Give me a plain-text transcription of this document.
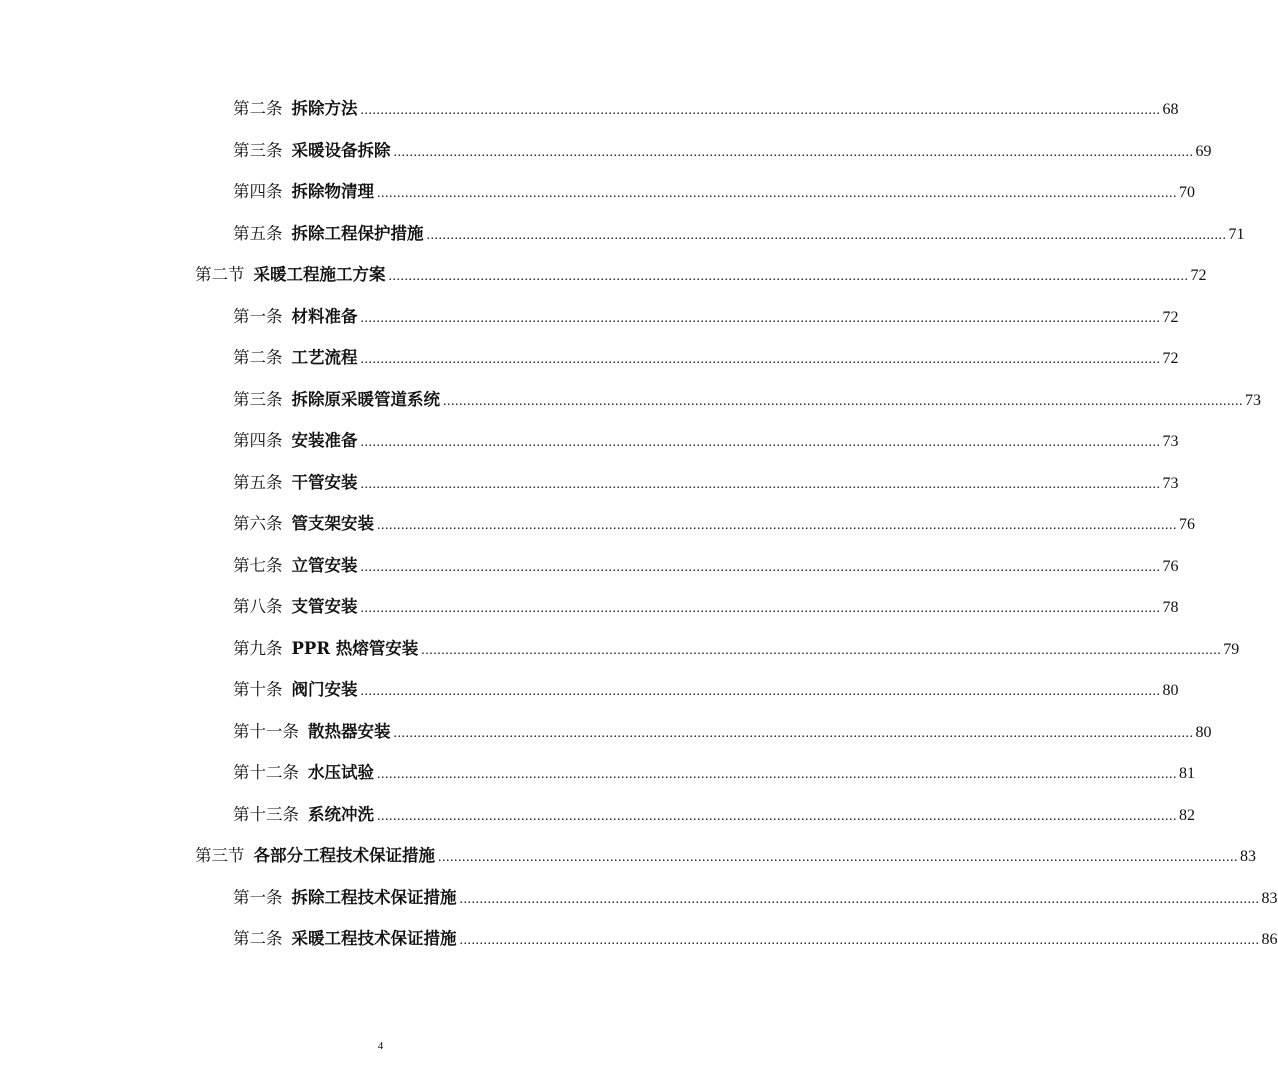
第二条 拆除方法 ........................................................................................................................................................................................................ 68
第三条 采暖设备拆除 ........................................................................................................................................................................................................ 69
第四条 拆除物清理 ........................................................................................................................................................................................................ 70
第五条 拆除工程保护措施 ........................................................................................................................................................................................................ 71
第二节 采暖工程施工方案 ........................................................................................................................................................................................................ 72
第一条 材料准备 ........................................................................................................................................................................................................ 72
第二条 工艺流程 ........................................................................................................................................................................................................ 72
第三条 拆除原采暖管道系统 ........................................................................................................................................................................................................ 73
第四条 安装准备 ........................................................................................................................................................................................................ 73
第五条 干管安装 ........................................................................................................................................................................................................ 73
第六条 管支架安装 ........................................................................................................................................................................................................ 76
第七条 立管安装 ........................................................................................................................................................................................................ 76
第八条 支管安装 ........................................................................................................................................................................................................ 78
第九条 PPR 热熔管安装 ........................................................................................................................................................................................................ 79
第十条 阀门安装 ........................................................................................................................................................................................................ 80
第十一条 散热器安装 ........................................................................................................................................................................................................ 80
第十二条 水压试验 ........................................................................................................................................................................................................ 81
第十三条 系统冲洗 ........................................................................................................................................................................................................ 82
第三节 各部分工程技术保证措施 ........................................................................................................................................................................................................ 83
第一条 拆除工程技术保证措施 ........................................................................................................................................................................................................ 83
第二条 采暖工程技术保证措施 ........................................................................................................................................................................................................ 86
4
